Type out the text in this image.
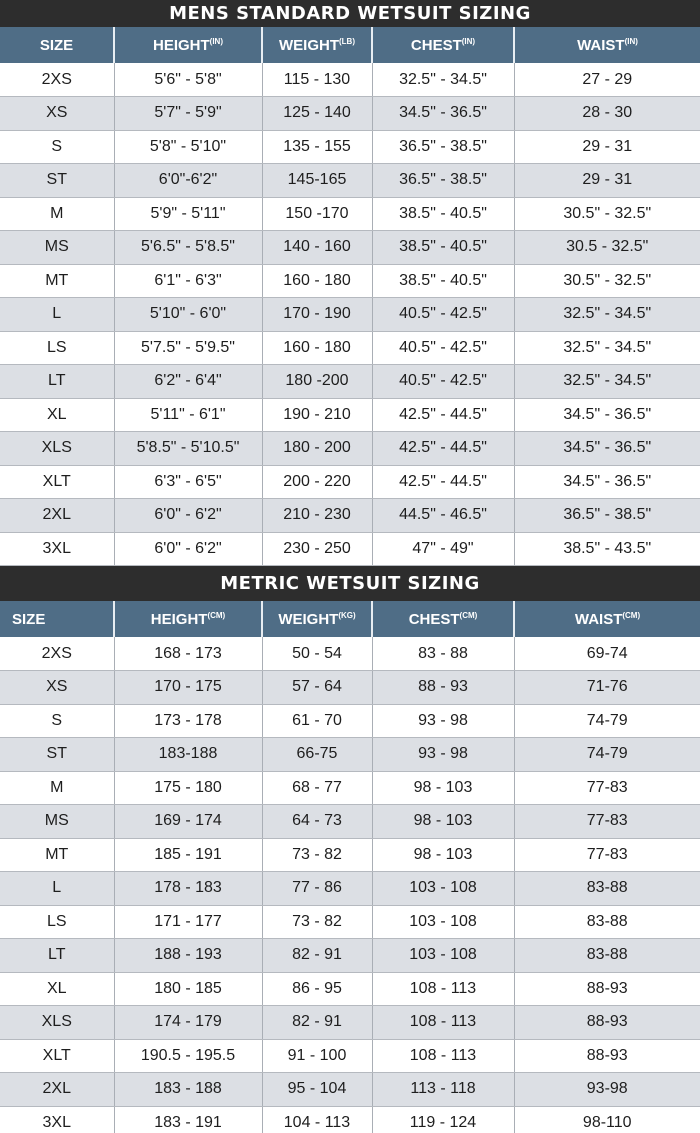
MENS STANDARD WETSUIT SIZING
SIZE	$HEIGHT^{(IN)}$	$WEIGHT^{(LB)}$	$CHEST^{(IN)}$	$WAIST^{(IN)}$
2XS	5'6" - 5'8"	115 - 130	32.5" - 34.5"	27 - 29
XS	5'7" - 5'9"	125 - 140	34.5" - 36.5"	28 - 30
S	5'8" - 5'10"	135 - 155	36.5" - 38.5"	29 - 31
ST	6'0"-6'2"	145-165	36.5" - 38.5"	29 - 31
M	5'9" - 5'11"	150 -170	38.5" - 40.5"	30.5" - 32.5"
MS	5'6.5" - 5'8.5"	140 - 160	38.5" - 40.5"	30.5 - 32.5"
MT	6'1" - 6'3"	160 - 180	38.5" - 40.5"	30.5" - 32.5"
L	5'10" - 6'0"	170 - 190	40.5" - 42.5"	32.5" - 34.5"
LS	5'7.5" - 5'9.5"	160 - 180	40.5" - 42.5"	32.5" - 34.5"
LT	6'2" - 6'4"	180 -200	40.5" - 42.5"	32.5" - 34.5"
XL	5'11" - 6'1"	190 - 210	42.5" - 44.5"	34.5" - 36.5"
XLS	5'8.5" - 5'10.5"	180 - 200	42.5" - 44.5"	34.5" - 36.5"
XLT	6'3" - 6'5"	200 - 220	42.5" - 44.5"	34.5" - 36.5"
2XL	6'0" - 6'2"	210 - 230	44.5" - 46.5"	36.5" - 38.5"
3XL	6'0" - 6'2"	230 - 250	47" - 49"	38.5" - 43.5"
METRIC WETSUIT SIZING
SIZE	$HEIGHT^{(CM)}$	$WEIGHT^{(KG)}$	$CHEST^{(CM)}$	$WAIST^{(CM)}$
2XS	168 - 173	50 - 54	83 - 88	69-74
XS	170 - 175	57 - 64	88 - 93	71-76
S	173 - 178	61 - 70	93 - 98	74-79
ST	183-188	66-75	93 - 98	74-79
M	175 - 180	68 - 77	98 - 103	77-83
MS	169 - 174	64 - 73	98 - 103	77-83
MT	185 - 191	73 - 82	98 - 103	77-83
L	178 - 183	77 - 86	103 - 108	83-88
LS	171 - 177	73 - 82	103 - 108	83-88
LT	188 - 193	82 - 91	103 - 108	83-88
XL	180 - 185	86 - 95	108 - 113	88-93
XLS	174 - 179	82 - 91	108 - 113	88-93
XLT	190.5 - 195.5	91 - 100	108 - 113	88-93
2XL	183 - 188	95 - 104	113 - 118	93-98
3XL	183 - 191	104 - 113	119 - 124	98-110
